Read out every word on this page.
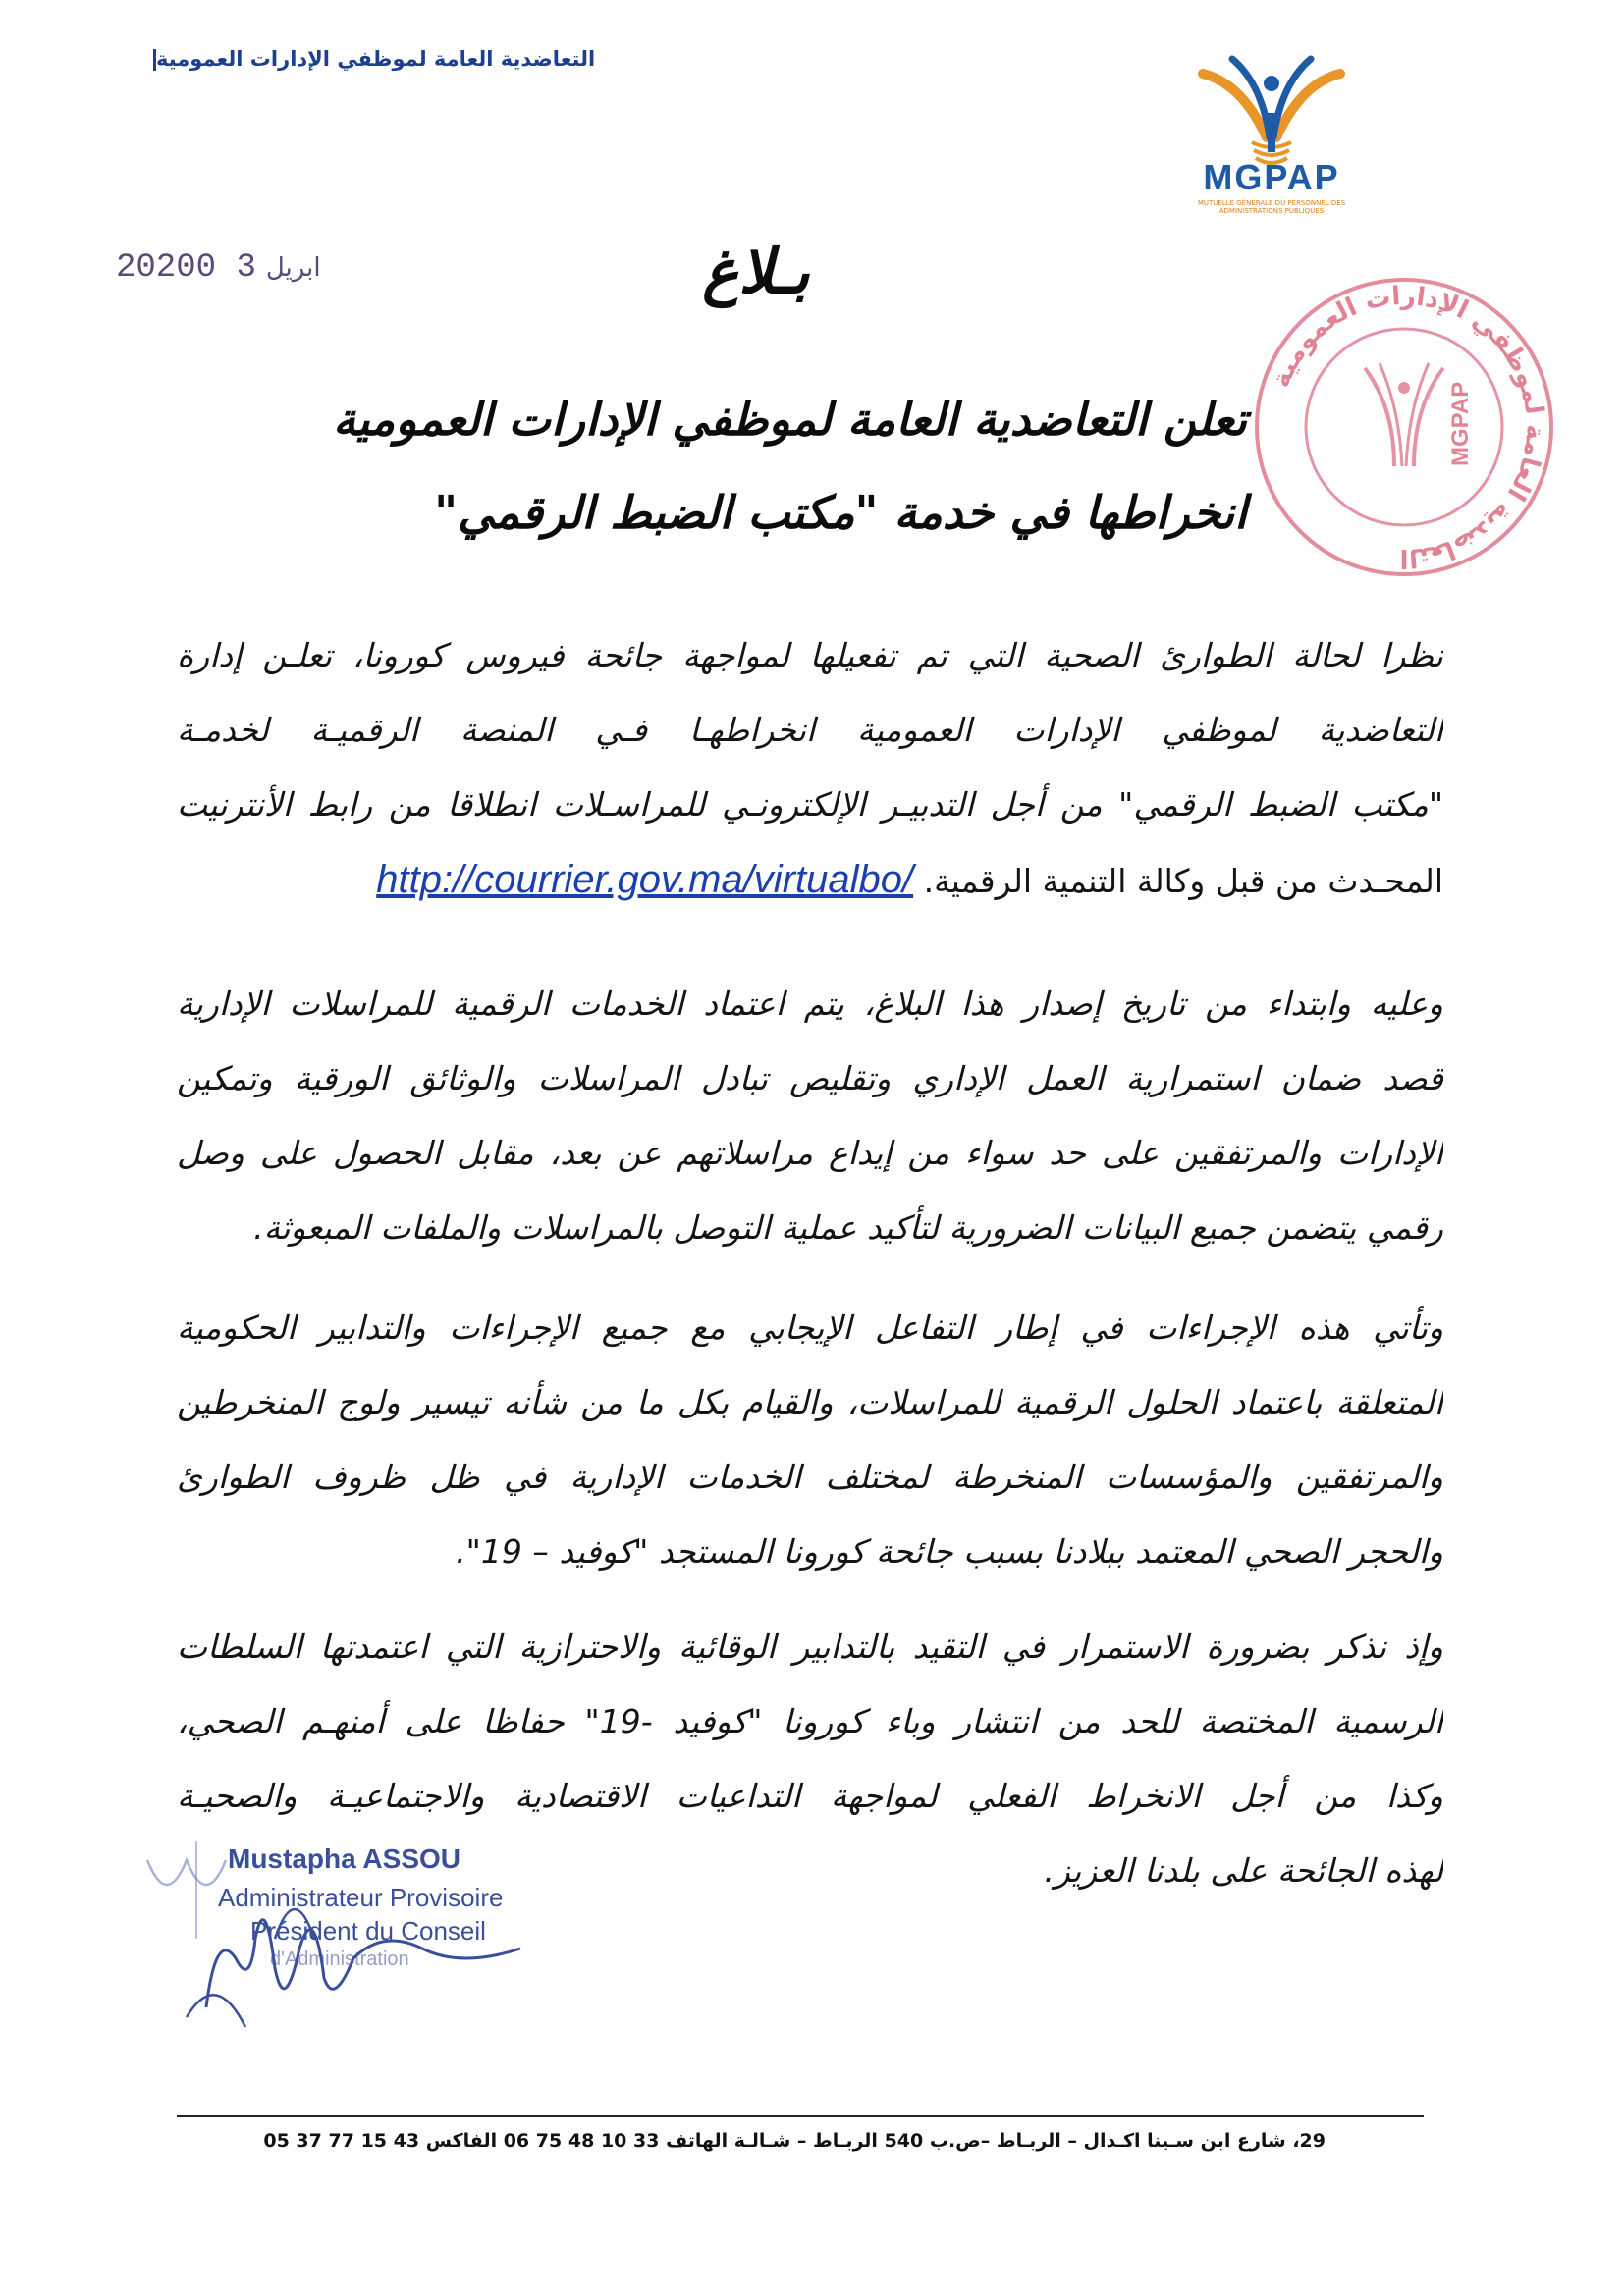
التعاضدية العامة لموظفي الإدارات العمومية
MGPAP
MUTUELLE GÉNÉRALE DU PERSONNEL DES ADMINISTRATIONS PUBLIQUES
2020	ابريل3 0	بـلاغ
تعلن التعاضدية العامة لموظفي الإدارات العمومية
انخراطها في خدمة "مكتب الضبط الرقمي"
التعاضدية العامة لموظفي الإدارات العمومية
MGPAP
نظرا لحالة الطوارئ الصحية التي تم تفعيلها لمواجهة جائحة فيروس كورونا، تعلـن إدارة
التعاضدية لموظفي الإدارات العمومية انخراطهـا فـي المنصة الرقميـة لخدمـة
"مكتب الضبط الرقمي" من أجل التدبيـر الإلكترونـي للمراسـلات انطلاقا من رابط الأنترنيت
المحـدث من قبل وكالة التنمية الرقمية. http://courrier.gov.ma/virtualbo/
وعليه وابتداء من تاريخ إصدار هذا البلاغ، يتم اعتماد الخدمات الرقمية للمراسلات الإدارية
قصد ضمان استمرارية العمل الإداري وتقليص تبادل المراسلات والوثائق الورقية وتمكين
الإدارات والمرتفقين على حد سواء من إيداع مراسلاتهم عن بعد، مقابل الحصول على وصل
رقمي يتضمن جميع البيانات الضرورية لتأكيد عملية التوصل بالمراسلات والملفات المبعوثة.
وتأتي هذه الإجراءات في إطار التفاعل الإيجابي مع جميع الإجراءات والتدابير الحكومية
المتعلقة باعتماد الحلول الرقمية للمراسلات، والقيام بكل ما من شأنه تيسير ولوج المنخرطين
والمرتفقين والمؤسسات المنخرطة لمختلف الخدمات الإدارية في ظل ظروف الطوارئ
والحجر الصحي المعتمد ببلادنا بسبب جائحة كورونا المستجد "كوفيد – 19".
وإذ نذكر بضرورة الاستمرار في التقيد بالتدابير الوقائية والاحترازية التي اعتمدتها السلطات
الرسمية المختصة للحد من انتشار وباء كورونا "كوفيد -19" حفاظا على أمنهـم الصحي،
وكذا من أجل الانخراط الفعلي لمواجهة التداعيات الاقتصادية والاجتماعيـة والصحيـة
لهذه الجائحة على بلدنا العزيز.
Mustapha ASSOU
Administrateur Provisoire
Président du Conseil
d'Administration
29، شارع ابن سـينا اكـدال – الربـاط –ص.ب 540 الربـاط – شـالـة الهاتف 33 10 48 75 06 الفاكس 43 15 77 37 05
